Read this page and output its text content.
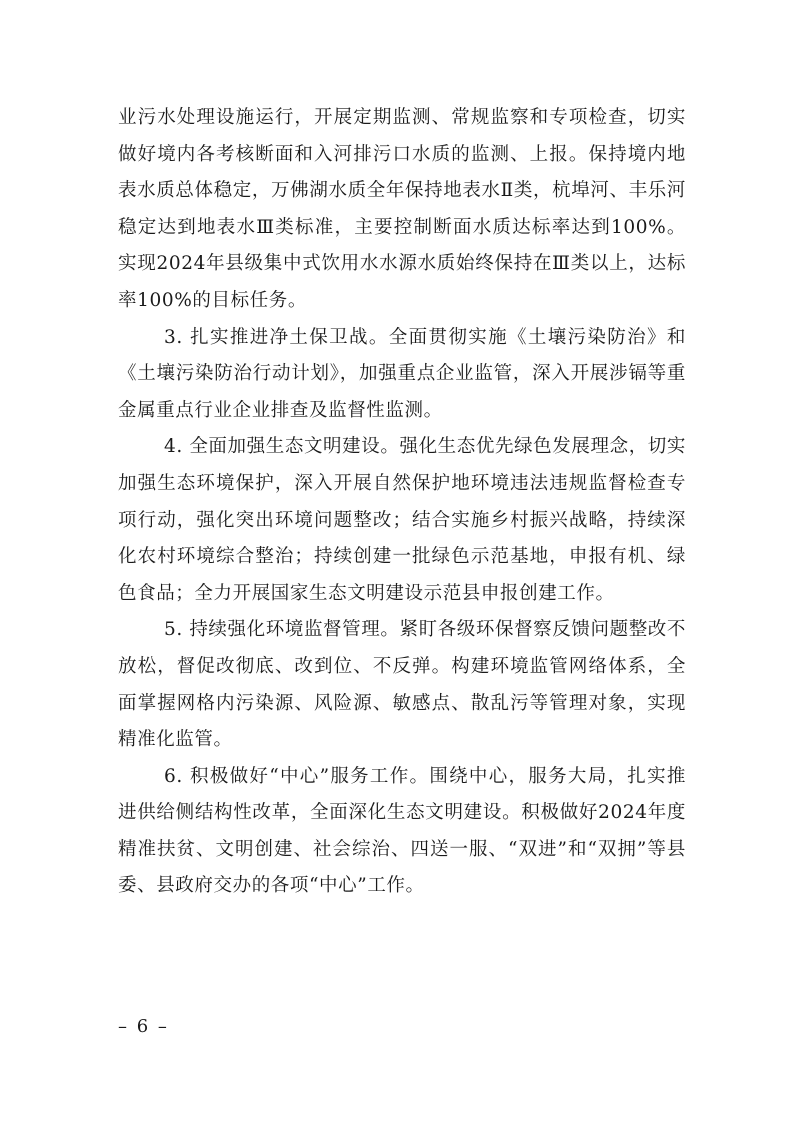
业污水处理设施运行，开展定期监测、常规监察和专项检查，切实做好境内各考核断面和入河排污口水质的监测、上报。保持境内地表水质总体稳定，万佛湖水质全年保持地表水Ⅱ类，杭埠河、丰乐河稳定达到地表水Ⅲ类标准，主要控制断面水质达标率达到100%。实现2024年县级集中式饮用水水源水质始终保持在Ⅲ类以上，达标率100%的目标任务。

3. 扎实推进净土保卫战。全面贯彻实施《土壤污染防治》和《土壤污染防治行动计划》，加强重点企业监管，深入开展涉镉等重金属重点行业企业排查及监督性监测。

4. 全面加强生态文明建设。强化生态优先绿色发展理念，切实加强生态环境保护，深入开展自然保护地环境违法违规监督检查专项行动，强化突出环境问题整改；结合实施乡村振兴战略，持续深化农村环境综合整治；持续创建一批绿色示范基地，申报有机、绿色食品；全力开展国家生态文明建设示范县申报创建工作。

5. 持续强化环境监督管理。紧盯各级环保督察反馈问题整改不放松，督促改彻底、改到位、不反弹。构建环境监管网络体系，全面掌握网格内污染源、风险源、敏感点、散乱污等管理对象，实现精准化监管。

6. 积极做好“中心”服务工作。围绕中心，服务大局，扎实推进供给侧结构性改革，全面深化生态文明建设。积极做好2024年度精准扶贫、文明创建、社会综治、四送一服、“双进”和“双拥”等县委、县政府交办的各项“中心”工作。

– 6 –
